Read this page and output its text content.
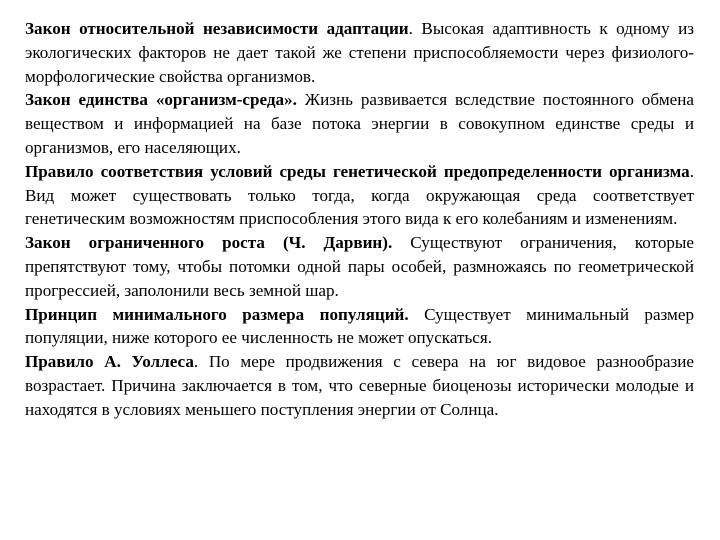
Закон относительной независимости адаптации. Высокая адаптивность к одному из экологических факторов не дает такой же степени приспособляемости через физиолого-морфологические свойства организмов.

Закон единства «организм-среда». Жизнь развивается вследствие постоянного обмена веществом и информацией на базе потока энергии в совокупном единстве среды и организмов, его населяющих.

Правило соответствия условий среды генетической предопределенности организма. Вид может существовать только тогда, когда окружающая среда соответствует генетическим возможностям приспособления этого вида к его колебаниям и изменениям.

Закон ограниченного роста (Ч. Дарвин). Существуют ограничения, которые препятствуют тому, чтобы потомки одной пары особей, размножаясь по геометрической прогрессией, заполонили весь земной шар.

Принцип минимального размера популяций. Существует минимальный размер популяции, ниже которого ее численность не может опускаться.

Правило А. Уоллеса. По мере продвижения с севера на юг видовое разнообразие возрастает. Причина заключается в том, что северные биоценозы исторически молодые и находятся в условиях меньшего поступления энергии от Солнца.
